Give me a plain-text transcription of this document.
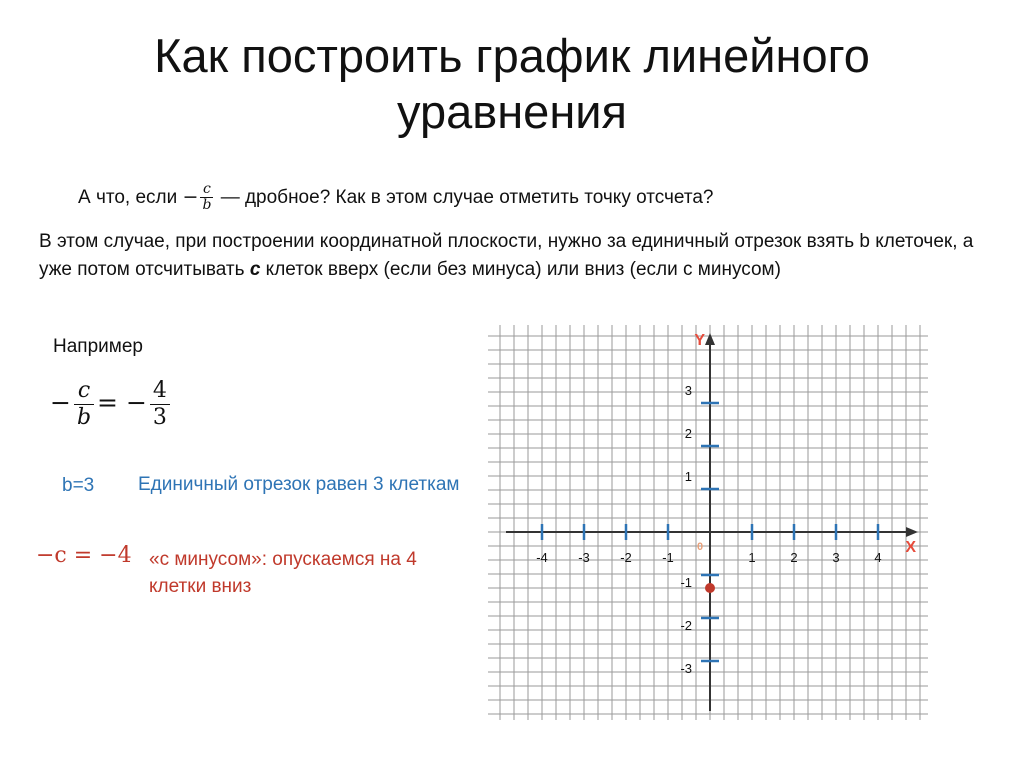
Как построить график линейного уравнения
А что, если − $\frac{c}{b}$ — дробное? Как в этом случае отметить точку отсчета?
В этом случае, при построении координатной плоскости, нужно за единичный отрезок взять b клеточек, а уже потом отсчитывать c клеток вверх (если без минуса) или вниз (если с минусом)
Например
− $\frac{c}{b}$ = − $\frac{4}{3}$
b=3 Единичный отрезок равен 3 клеткам
−c = −4 «с минусом»: опускаемся на 4 клетки вниз
-4 -3 -2 -1	1	2	3	4
3
2
1
-1
-2
-3
X
Y
0
